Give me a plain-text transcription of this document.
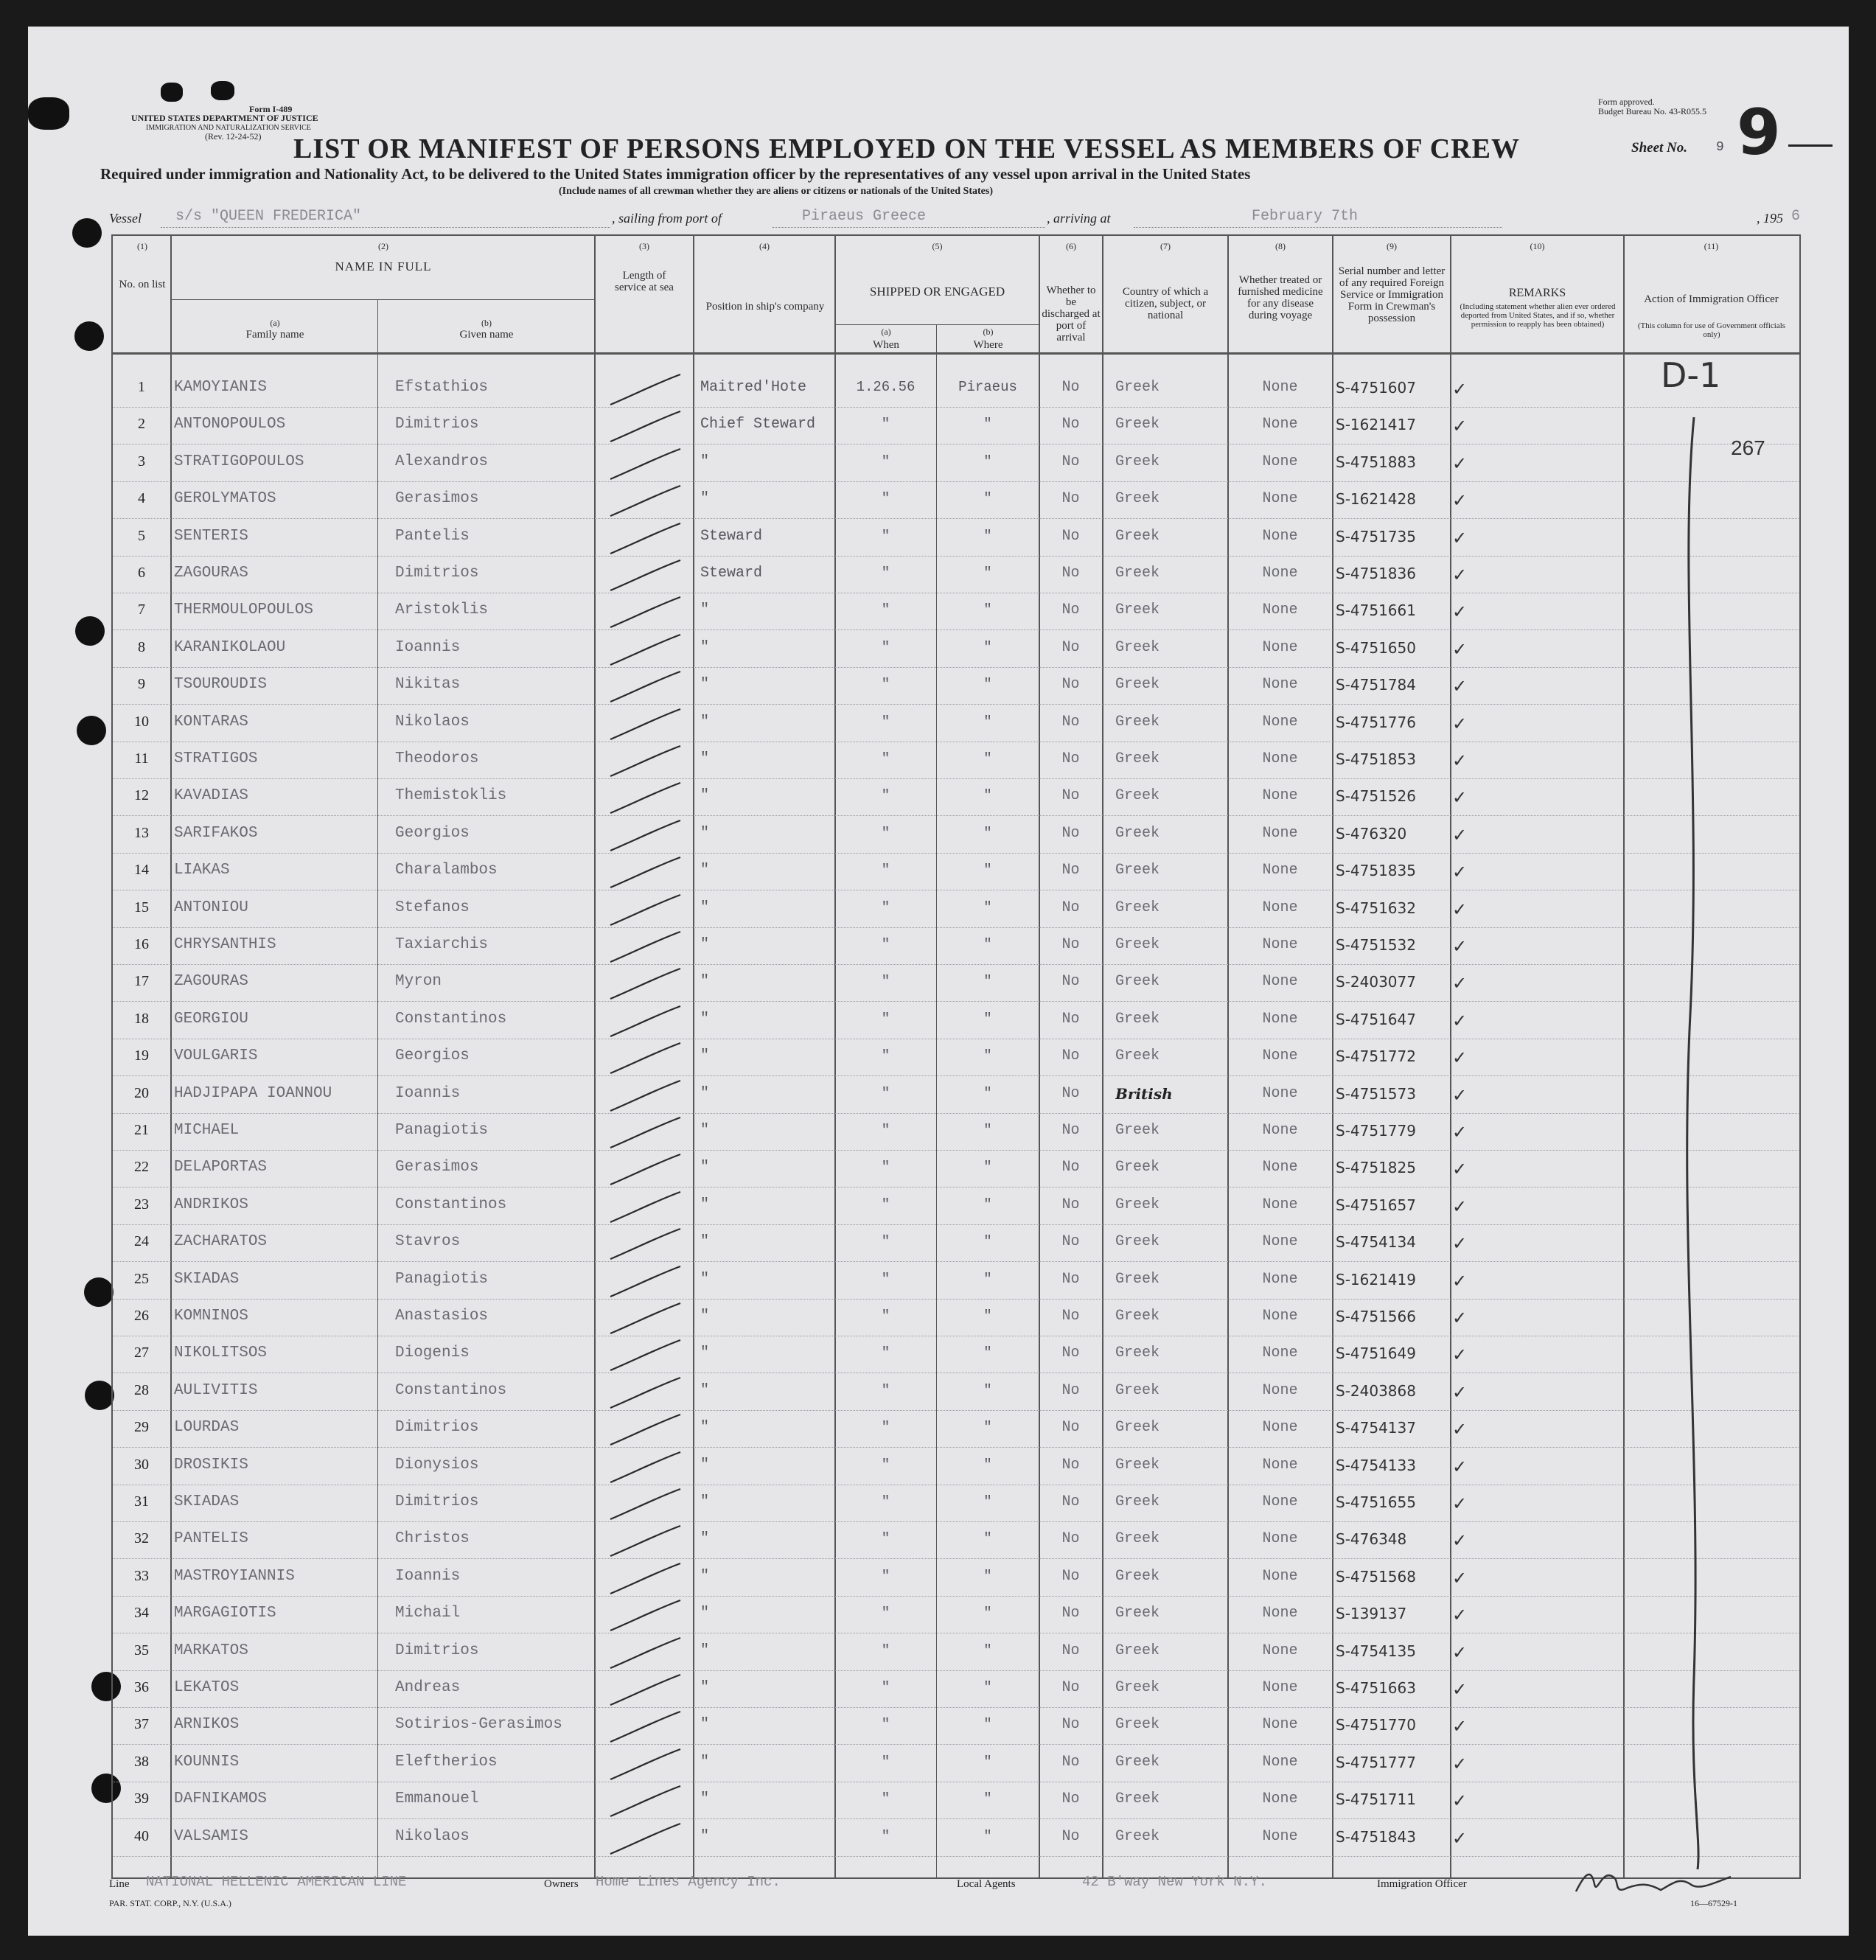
Form I-489
UNITED STATES DEPARTMENT OF JUSTICE
IMMIGRATION AND NATURALIZATION SERVICE
(Rev. 12-24-52)
Form approved.
Budget Bureau No. 43-R055.5
Sheet No. 9 9
LIST OR MANIFEST OF PERSONS EMPLOYED ON THE VESSEL AS MEMBERS OF CREW
Required under immigration and Nationality Act, to be delivered to the United States immigration officer by the representatives of any vessel upon arrival in the United States
(Include names of all crewman whether they are aliens or citizens or nationals of the United States)
Vessel s/s "QUEEN FREDERICA"	, sailing from port of	Piraeus Greece	, arriving at	February 7th	, 195 6
(1)
No. on list
(2)
NAME IN FULL
(a)
Family name
(b)
Given name
(3)
Length of service at sea
(4)
Position in ship's company
(5)
SHIPPED OR ENGAGED
(a)
When
(b)
Where
(6)
Whether to be discharged at port of arrival
(7)
Country of which a citizen, subject, or national
(8)
Whether treated or furnished medicine for any disease during voyage
(9)
Serial number and letter of any required Foreign Service or Immigration Form in Crewman's possession
(10)
REMARKS
(Including statement whether alien ever ordered deported from United States, and if so, whether permission to reapply has been obtained)
(11)
Action of Immigration Officer
(This column for use of Government officials only)
1	KAMOYIANIS	Efstathios	Maitred'Hote	1.26.56	Piraeus	No	Greek	None	S-4751607	✓
2	ANTONOPOULOS	Dimitrios	Chief Steward	"	"	No	Greek	None	S-1621417	✓
3	STRATIGOPOULOS	Alexandros	"	"	"	No	Greek	None	S-4751883	✓
4	GEROLYMATOS	Gerasimos	"	"	"	No	Greek	None	S-1621428	✓
5	SENTERIS	Pantelis	Steward	"	"	No	Greek	None	S-4751735	✓
6	ZAGOURAS	Dimitrios	Steward	"	"	No	Greek	None	S-4751836	✓
7	THERMOULOPOULOS	Aristoklis	"	"	"	No	Greek	None	S-4751661	✓
8	KARANIKOLAOU	Ioannis	"	"	"	No	Greek	None	S-4751650	✓
9	TSOUROUDIS	Nikitas	"	"	"	No	Greek	None	S-4751784	✓
10	KONTARAS	Nikolaos	"	"	"	No	Greek	None	S-4751776	✓
11	STRATIGOS	Theodoros	"	"	"	No	Greek	None	S-4751853	✓
12	KAVADIAS	Themistoklis	"	"	"	No	Greek	None	S-4751526	✓
13	SARIFAKOS	Georgios	"	"	"	No	Greek	None	S-476320	✓
14	LIAKAS	Charalambos	"	"	"	No	Greek	None	S-4751835	✓
15	ANTONIOU	Stefanos	"	"	"	No	Greek	None	S-4751632	✓
16	CHRYSANTHIS	Taxiarchis	"	"	"	No	Greek	None	S-4751532	✓
17	ZAGOURAS	Myron	"	"	"	No	Greek	None	S-2403077	✓
18	GEORGIOU	Constantinos	"	"	"	No	Greek	None	S-4751647	✓
19	VOULGARIS	Georgios	"	"	"	No	Greek	None	S-4751772	✓
20	HADJIPAPA IOANNOU	Ioannis	"	"	"	No	British	None	S-4751573	✓
21	MICHAEL	Panagiotis	"	"	"	No	Greek	None	S-4751779	✓
22	DELAPORTAS	Gerasimos	"	"	"	No	Greek	None	S-4751825	✓
23	ANDRIKOS	Constantinos	"	"	"	No	Greek	None	S-4751657	✓
24	ZACHARATOS	Stavros	"	"	"	No	Greek	None	S-4754134	✓
25	SKIADAS	Panagiotis	"	"	"	No	Greek	None	S-1621419	✓
26	KOMNINOS	Anastasios	"	"	"	No	Greek	None	S-4751566	✓
27	NIKOLITSOS	Diogenis	"	"	"	No	Greek	None	S-4751649	✓
28	AULIVITIS	Constantinos	"	"	"	No	Greek	None	S-2403868	✓
29	LOURDAS	Dimitrios	"	"	"	No	Greek	None	S-4754137	✓
30	DROSIKIS	Dionysios	"	"	"	No	Greek	None	S-4754133	✓
31	SKIADAS	Dimitrios	"	"	"	No	Greek	None	S-4751655	✓
32	PANTELIS	Christos	"	"	"	No	Greek	None	S-476348	✓
33	MASTROYIANNIS	Ioannis	"	"	"	No	Greek	None	S-4751568	✓
34	MARGAGIOTIS	Michail	"	"	"	No	Greek	None	S-139137	✓
35	MARKATOS	Dimitrios	"	"	"	No	Greek	None	S-4754135	✓
36	LEKATOS	Andreas	"	"	"	No	Greek	None	S-4751663	✓
37	ARNIKOS	Sotirios-Gerasimos	"	"	"	No	Greek	None	S-4751770	✓
38	KOUNNIS	Eleftherios	"	"	"	No	Greek	None	S-4751777	✓
39	DAFNIKAMOS	Emmanouel	"	"	"	No	Greek	None	S-4751711	✓
40	VALSAMIS	Nikolaos	"	"	"	No	Greek	None	S-4751843	✓
D-1
267
Line NATIONAL HELLENIC AMERICAN LINE	Owners Home Lines Agency Inc.	Local Agents	42 B'way New York N.Y.	Immigration Officer
PAR. STAT. CORP., N.Y. (U.S.A.)	16—67529-1
